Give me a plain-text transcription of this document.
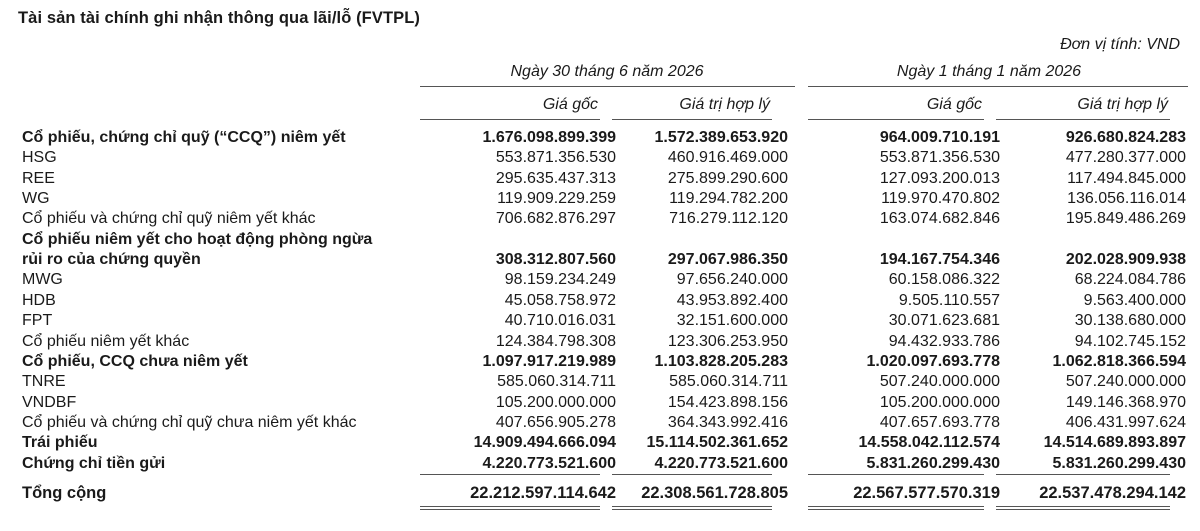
Tài sản tài chính ghi nhận thông qua lãi/lỗ (FVTPL)
Đơn vị tính: VND
Ngày 30 tháng 6 năm 2026	Ngày 1 tháng 1 năm 2026
Giá gốc	Giá trị hợp lý	Giá gốc	Giá trị hợp lý
Cổ phiếu, chứng chỉ quỹ (“CCQ”) niêm yết	1.676.098.899.399 1.572.389.653.920	964.009.710.191	926.680.824.283
HSG	553.871.356.530	460.916.469.000	553.871.356.530	477.280.377.000
REE	295.635.437.313	275.899.290.600	127.093.200.013	117.494.845.000
WG	119.909.229.259	119.294.782.200	119.970.470.802	136.056.116.014
Cổ phiếu và chứng chỉ quỹ niêm yết khác	706.682.876.297	716.279.112.120	163.074.682.846	195.849.486.269
Cổ phiếu niêm yết cho hoạt động phòng ngừa
rủi ro của chứng quyền	308.312.807.560	297.067.986.350	194.167.754.346	202.028.909.938
MWG	98.159.234.249	97.656.240.000	60.158.086.322	68.224.084.786
HDB	45.058.758.972	43.953.892.400	9.505.110.557	9.563.400.000
FPT	40.710.016.031	32.151.600.000	30.071.623.681	30.138.680.000
Cổ phiếu niêm yết khác	124.384.798.308	123.306.253.950	94.432.933.786	94.102.745.152
Cổ phiếu, CCQ chưa niêm yết	1.097.917.219.989 1.103.828.205.283	1.020.097.693.778	1.062.818.366.594
TNRE	585.060.314.711	585.060.314.711	507.240.000.000	507.240.000.000
VNDBF	105.200.000.000	154.423.898.156	105.200.000.000	149.146.368.970
Cổ phiếu và chứng chỉ quỹ chưa niêm yết khác	407.656.905.278	364.343.992.416	407.657.693.778	406.431.997.624
Trái phiếu	14.909.494.666.094 15.114.502.361.652	14.558.042.112.574	14.514.689.893.897
Chứng chỉ tiền gửi	4.220.773.521.600 4.220.773.521.600	5.831.260.299.430	5.831.260.299.430
Tổng cộng	22.212.597.114.642 22.308.561.728.805	22.567.577.570.319 22.537.478.294.142
